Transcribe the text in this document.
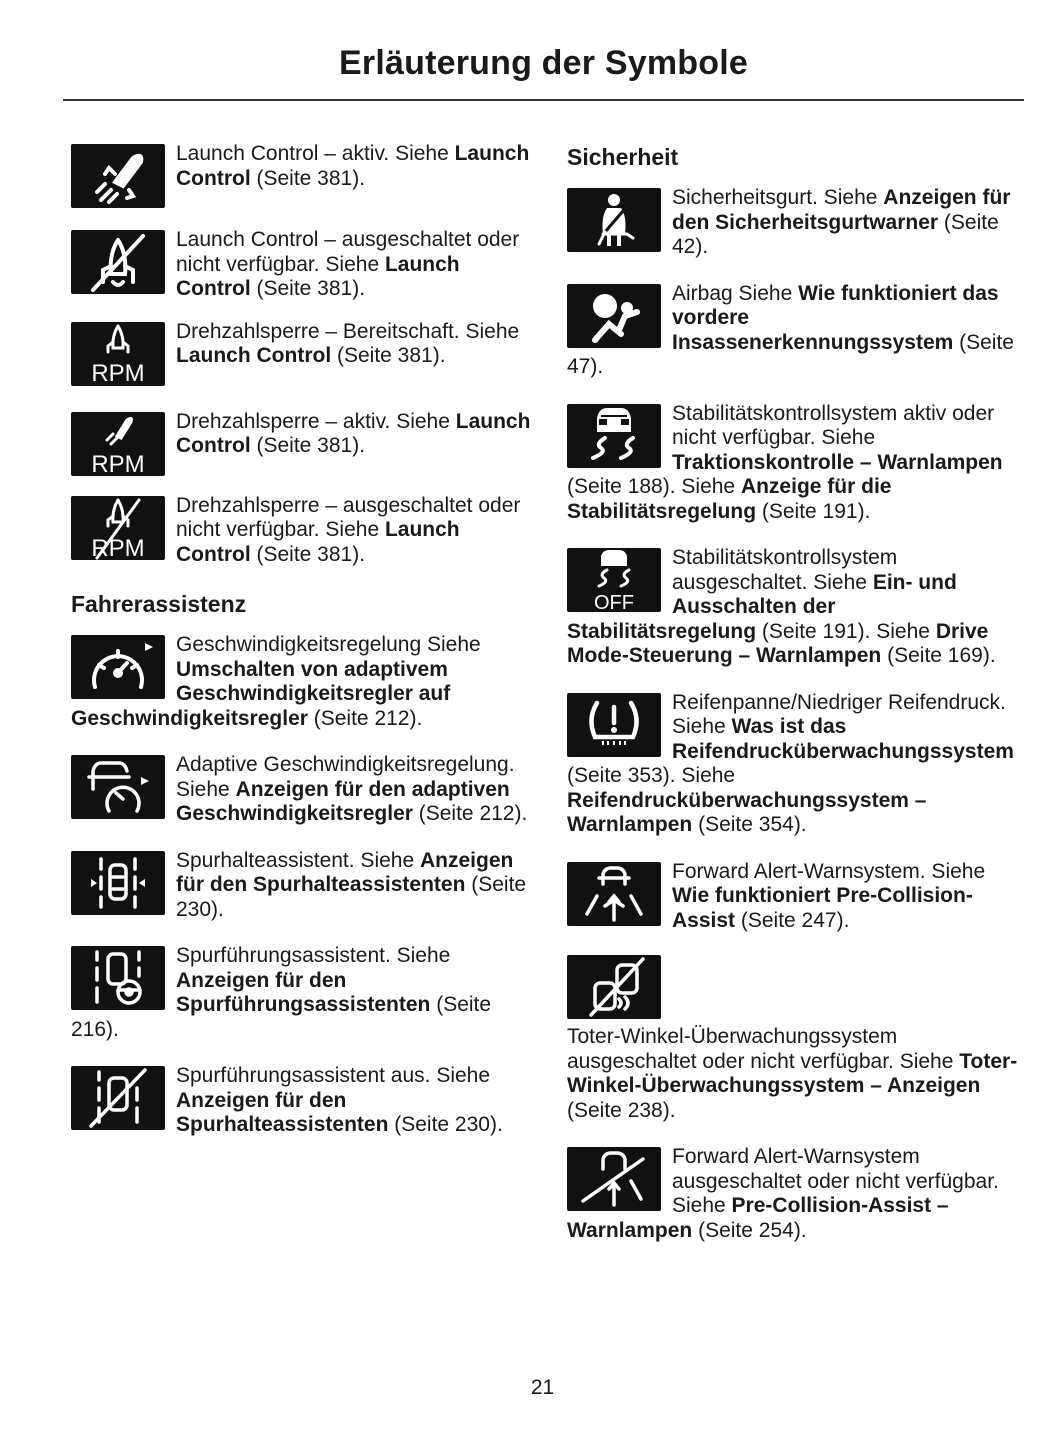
Erläuterung der Symbole
Launch Control – aktiv. Siehe Launch Control (Seite 381).
Launch Control – ausgeschaltet oder nicht verfügbar. Siehe Launch Control (Seite 381).
RPM
Drehzahlsperre – Bereitschaft. Siehe Launch Control (Seite 381).
RPM
Drehzahlsperre – aktiv. Siehe Launch Control (Seite 381).
RPM
Drehzahlsperre – ausgeschaltet oder nicht verfügbar. Siehe Launch Control (Seite 381).
Fahrerassistenz
Geschwindigkeitsregelung Siehe Umschalten von adaptivem Geschwindigkeitsregler auf Geschwindigkeitsregler (Seite 212).
Adaptive Geschwindigkeitsregelung. Siehe Anzeigen für den adaptiven Geschwindigkeitsregler (Seite 212).
Spurhalteassistent. Siehe Anzeigen für den Spurhalteassistenten (Seite 230).
Spurführungsassistent. Siehe Anzeigen für den Spurführungsassistenten (Seite 216).
Spurführungsassistent aus. Siehe Anzeigen für den Spurhalteassistenten (Seite 230).
Sicherheit
Sicherheitsgurt. Siehe Anzeigen für den Sicherheitsgurtwarner (Seite 42).
Airbag Siehe Wie funktioniert das vordere Insassenerkennungssystem (Seite 47).
Stabilitätskontrollsystem aktiv oder nicht verfügbar. Siehe Traktionskontrolle – Warnlampen (Seite 188). Siehe Anzeige für die Stabilitätsregelung (Seite 191).
OFF
Stabilitätskontrollsystem ausgeschaltet. Siehe Ein- und Ausschalten der Stabilitätsregelung (Seite 191). Siehe Drive Mode-Steuerung – Warnlampen (Seite 169).
Reifenpanne/Niedriger Reifendruck. Siehe Was ist das Reifendrucküberwachungssystem (Seite 353). Siehe Reifendrucküberwachungssystem – Warnlampen (Seite 354).
Forward Alert-Warnsystem. Siehe Wie funktioniert Pre-Collision-Assist (Seite 247).
Toter-Winkel-Überwachungssystem ausgeschaltet oder nicht verfügbar. Siehe Toter-Winkel-Überwachungssystem – Anzeigen (Seite 238).
Forward Alert-Warnsystem ausgeschaltet oder nicht verfügbar. Siehe Pre-Collision-Assist – Warnlampen (Seite 254).
21
